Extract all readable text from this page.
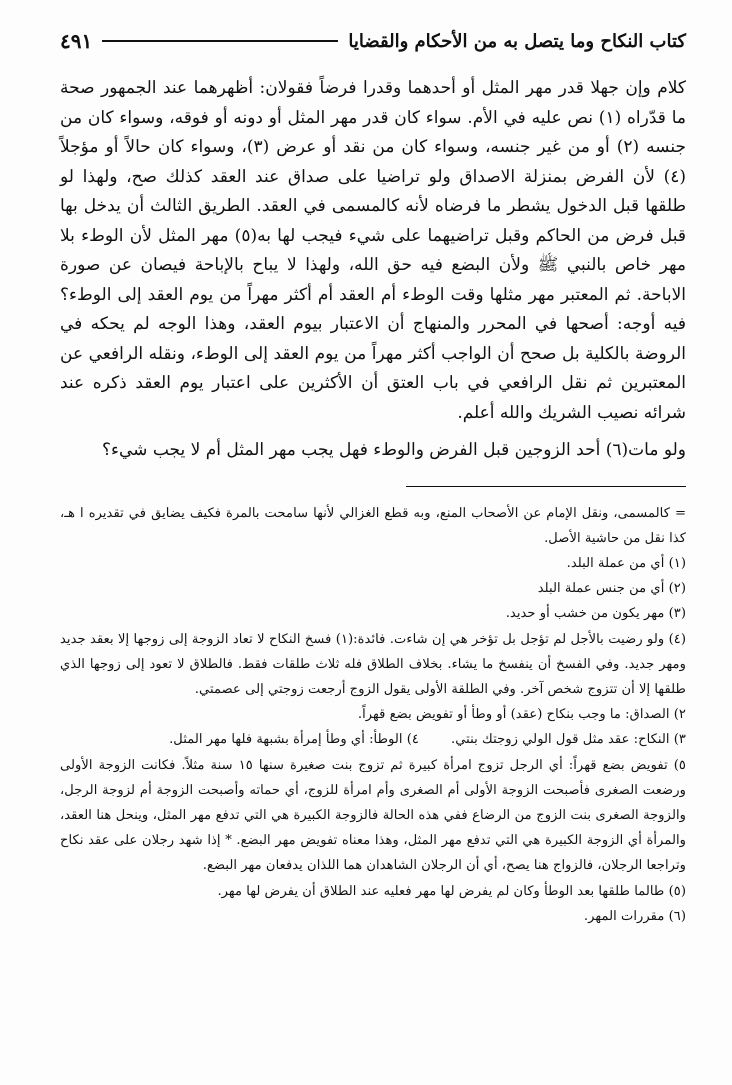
كتاب النكاح وما يتصل به من الأحكام والقضايا
٤٩١

كلام وإن جهلا قدر مهر المثل أو أحدهما وقدرا فرضاً فقولان: أظهرهما عند الجمهور صحة ما قدّراه (١) نص عليه في الأم. سواء كان قدر مهر المثل أو دونه أو فوقه، وسواء كان من جنسه (٢) أو من غير جنسه، وسواء كان من نقد أو عرض (٣)، وسواء كان حالاً أو مؤجلاً (٤) لأن الفرض بمنزلة الاصداق ولو تراضيا على صداق عند العقد كذلك صح، ولهذا لو طلقها قبل الدخول يشطر ما فرضاه لأنه كالمسمى في العقد. الطريق الثالث أن يدخل بها قبل فرض من الحاكم وقبل تراضيهما على شيء فيجب لها به(٥) مهر المثل لأن الوطء بلا مهر خاص بالنبي ﷺ ولأن البضع فيه حق الله، ولهذا لا يباح بالإباحة فيصان عن صورة الاباحة. ثم المعتبر مهر مثلها وقت الوطء أم العقد أم أكثر مهراً من يوم العقد إلى الوطء؟ فيه أوجه: أصحها في المحرر والمنهاج أن الاعتبار بيوم العقد، وهذا الوجه لم يحكه في الروضة بالكلية بل صحح أن الواجب أكثر مهراً من يوم العقد إلى الوطء، ونقله الرافعي عن المعتبرين ثم نقل الرافعي في باب العتق أن الأكثرين على اعتبار يوم العقد ذكره عند شرائه نصيب الشريك والله أعلم.

ولو مات(٦) أحد الزوجين قبل الفرض والوطء فهل يجب مهر المثل أم لا يجب شيء؟

= كالمسمى، ونقل الإمام عن الأصحاب المنع، وبه قطع الغزالي لأنها سامحت بالمرة فكيف يضايق في تقديره ا هـ، كذا نقل من حاشية الأصل.

(١) أي من عملة البلد.

(٢) أي من جنس عملة البلد

(٣) مهر يكون من خشب أو حديد.

(٤) ولو رضيت بالأجل لم تؤجل بل تؤخر هي إن شاءت. فائدة:(١) فسخ النكاح لا تعاد الزوجة إلى زوجها إلا بعقد جديد ومهر جديد. وفي الفسخ أن ينفسخ ما يشاء. بخلاف الطلاق فله ثلاث طلقات فقط. فالطلاق لا تعود إلى زوجها الذي طلقها إلا أن تتزوج شخص آخر. وفي الطلقة الأولى يقول الزوج أرجعت زوجتي إلى عصمتي.

٢) الصداق: ما وجب بنكاح (عقد) أو وطأ أو تفويض بضع قهراً.

٣) النكاح: عقد مثل قول الولي زوجتك بنتي.

٤) الوطأ: أي وطأ إمرأة بشبهة فلها مهر المثل.

٥) تفويض بضع قهراً: أي الرجل تزوج امرأة كبيرة ثم تزوج بنت صغيرة سنها ١٥ سنة مثلاً. فكانت الزوجة الأولى ورضعت الصغرى فأصبحت الزوجة الأولى أم الصغرى وأم امرأة للزوج، أي حماته وأصبحت الزوجة أم لزوجة الرجل، والزوجة الصغرى بنت الزوج من الرضاع ففي هذه الحالة فالزوجة الكبيرة هي التي تدفع مهر المثل، وينحل هنا العقد، والمرأة أي الزوجة الكبيرة هي التي تدفع مهر المثل، وهذا معناه تفويض مهر البضع. * إذا شهد رجلان على عقد نكاح وتراجعا الرجلان، فالزواج هنا يصح، أي أن الرجلان الشاهدان هما اللذان يدفعان مهر البضع.

(٥) طالما طلقها بعد الوطأ وكان لم يفرض لها مهر فعليه عند الطلاق أن يفرض لها مهر.

(٦) مقررات المهر.
